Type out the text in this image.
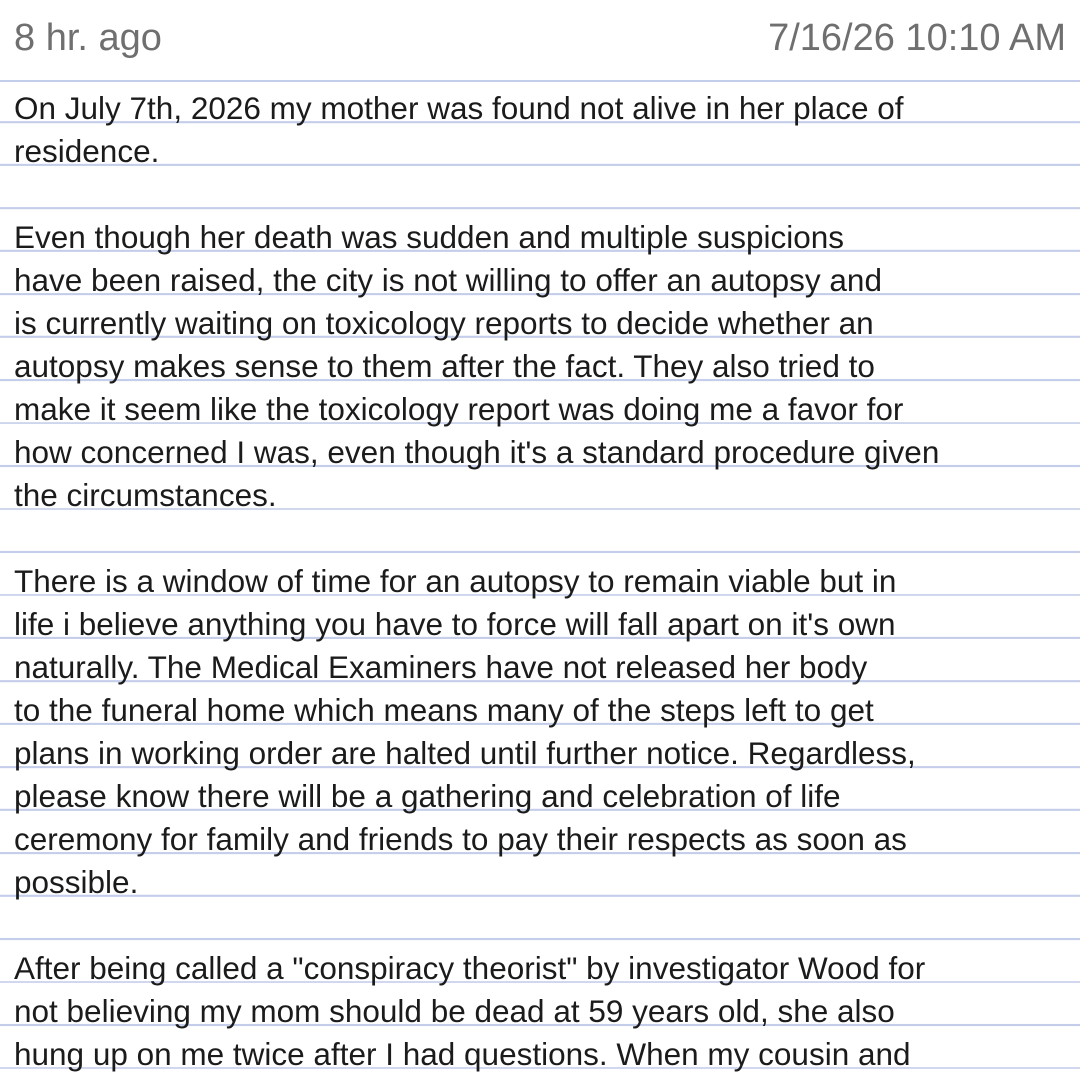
8 hr. ago	7/16/26 10:10 AM

On July 7th, 2026 my mother was found not alive in her place of
residence.

Even though her death was sudden and multiple suspicions
have been raised, the city is not willing to offer an autopsy and
is currently waiting on toxicology reports to decide whether an
autopsy makes sense to them after the fact. They also tried to
make it seem like the toxicology report was doing me a favor for
how concerned I was, even though it's a standard procedure given
the circumstances.

There is a window of time for an autopsy to remain viable but in
life i believe anything you have to force will fall apart on it's own
naturally. The Medical Examiners have not released her body
to the funeral home which means many of the steps left to get
plans in working order are halted until further notice. Regardless,
please know there will be a gathering and celebration of life
ceremony for family and friends to pay their respects as soon as
possible.

After being called a "conspiracy theorist" by investigator Wood for
not believing my mom should be dead at 59 years old, she also
hung up on me twice after I had questions. When my cousin and
